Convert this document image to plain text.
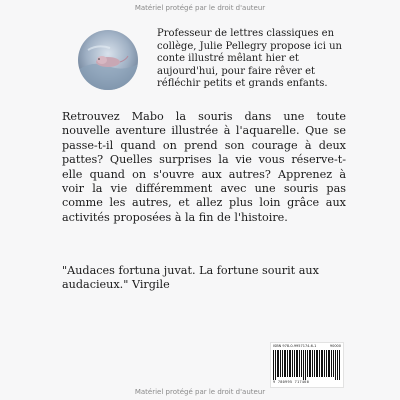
Matériel protégé par le droit d'auteur

Professeur de lettres classiques en collège, Julie Pellegry propose ici un conte illustré mêlant hier et aujourd'hui, pour faire rêver et réfléchir petits et grands enfants.

Retrouvez Mabo la souris dans une toute nouvelle aventure illustrée à l'aquarelle. Que se passe-t-il quand on prend son courage à deux pattes? Quelles surprises la vie vous réserve-t-elle quand on s'ouvre aux autres? Apprenez à voir la vie différemment avec une souris pas comme les autres, et allez plus loin grâce aux activités proposées à la fin de l'histoire.

"Audaces fortuna juvat. La fortune sourit aux audacieux." Virgile

ISBN 978-0-9957174-6-1	90000
9 780995 717460
Matériel protégé par le droit d'auteur
